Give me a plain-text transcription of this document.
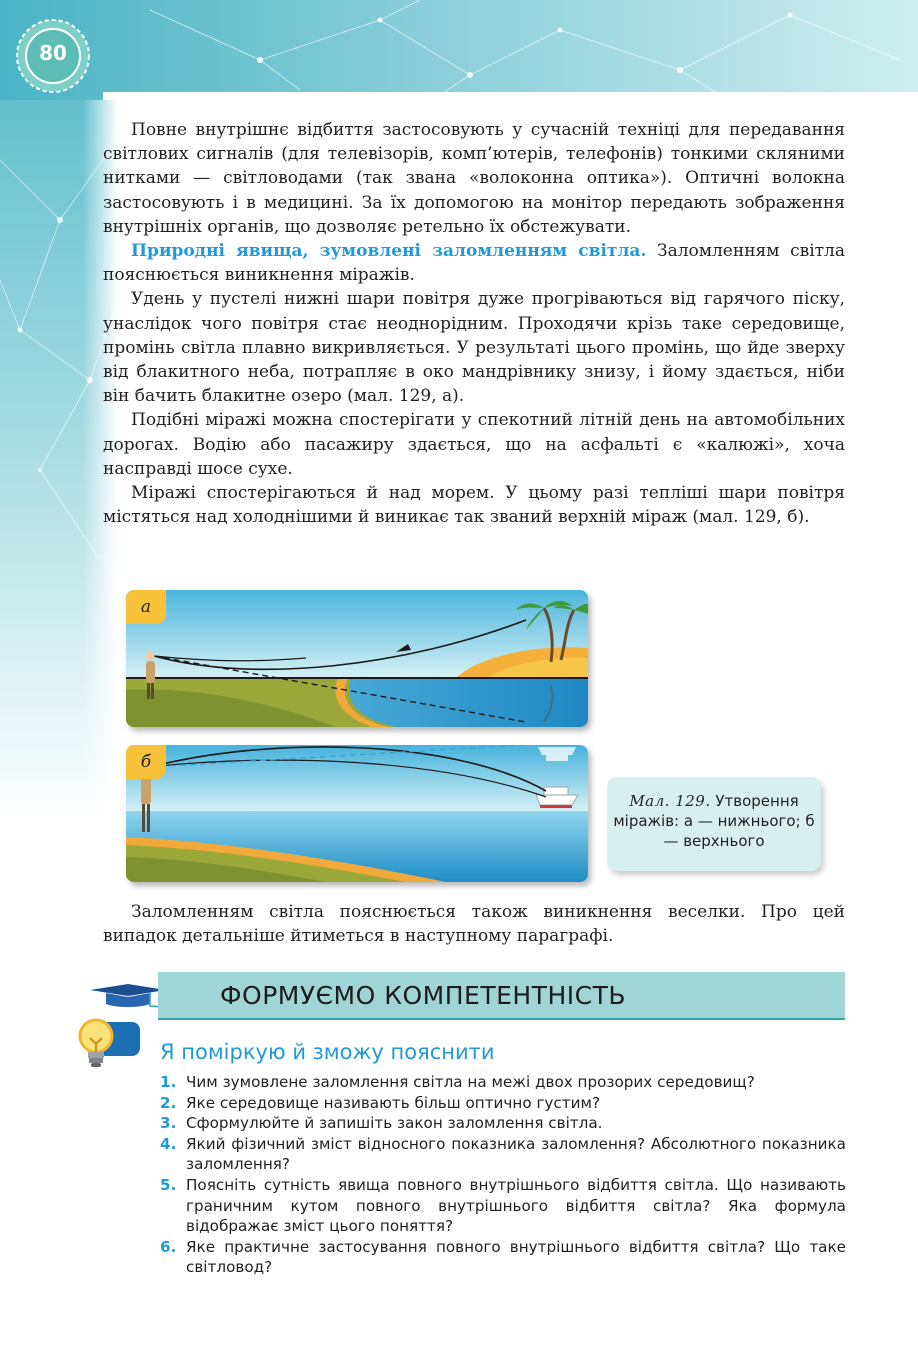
80

Повне внутрішнє відбиття застосовують у сучасній техніці для передавання світлових сигналів (для телевізорів, комп’ютерів, телефонів) тонкими скляними нитками — світловодами (так звана «волоконна оптика»). Оптичні волокна застосовують і в медицині. За їх допомогою на монітор передають зображення внутрішніх органів, що дозволяє ретельно їх обстежувати.

Природні явища, зумовлені заломленням світла. Заломленням світла пояснюється виникнення міражів.

Удень у пустелі нижні шари повітря дуже прогріваються від гарячого піску, унаслідок чого повітря стає неоднорідним. Проходячи крізь таке середовище, промінь світла плавно викривляється. У результаті цього промінь, що йде зверху від блакитного неба, потрапляє в око мандрівнику знизу, і йому здається, ніби він бачить блакитне озеро (мал. 129, а).

Подібні міражі можна спостерігати у спекотний літній день на автомобільних дорогах. Водію або пасажиру здається, що на асфальті є «калюжі», хоча насправді шосе сухе.

Міражі спостерігаються й над морем. У цьому разі тепліші шари повітря містяться над холоднішими й виникає так званий верхній міраж (мал. 129, б).

а
б
Мал. 129. Утворення міражів: а — нижнього; б — верхнього

Заломленням світла пояснюється також виникнення веселки. Про цей випадок детальніше йтиметься в наступному параграфі.

ФОРМУЄМО КОМПЕТЕНТНІСТЬ
Я поміркую й зможу пояснити
1. Чим зумовлене заломлення світла на межі двох прозорих середовищ?
2. Яке середовище називають більш оптично густим?
3. Сформулюйте й запишіть закон заломлення світла.
4. Який фізичний зміст відносного показника заломлення? Абсолютного показника заломлення?
5. Поясніть сутність явища повного внутрішнього відбиття світла. Що називають граничним кутом повного внутрішнього відбиття світла? Яка формула відображає зміст цього поняття?
6. Яке практичне застосування повного внутрішнього відбиття світла? Що таке світловод?
